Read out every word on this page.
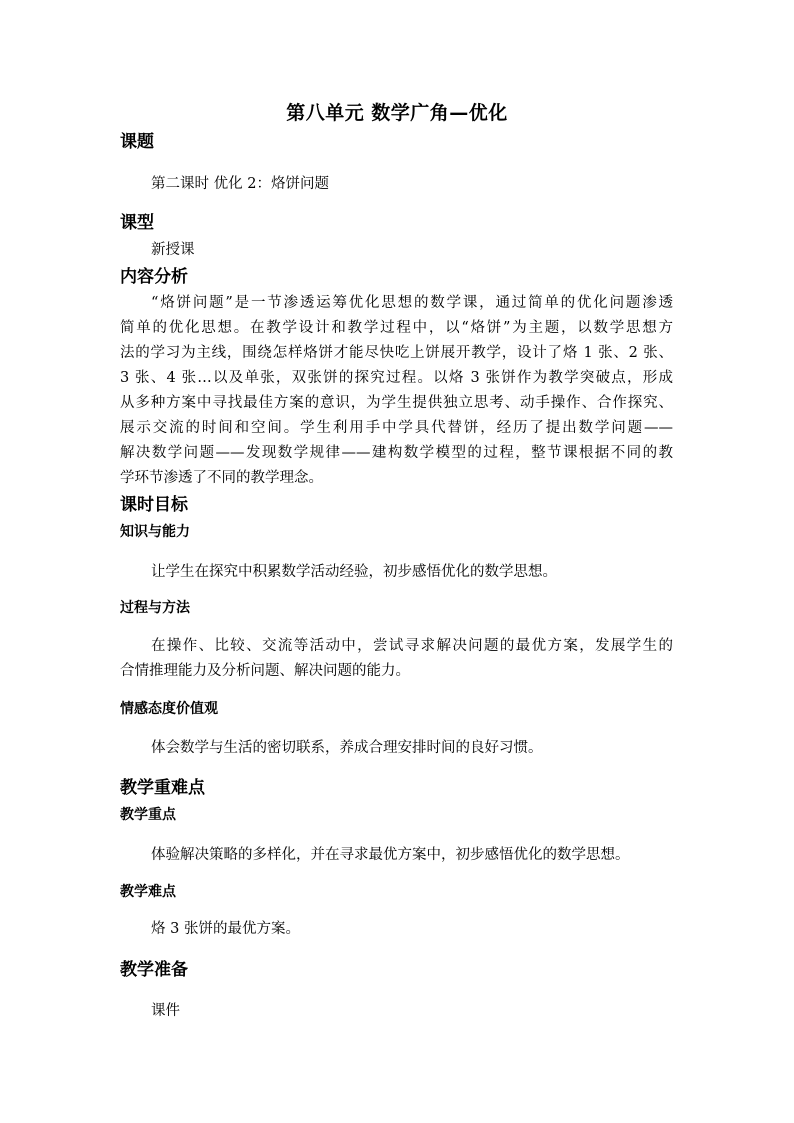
第八单元 数学广角—优化
课题

第二课时 优化 2：烙饼问题

课型

新授课

内容分析

“烙饼问题”是一节渗透运筹优化思想的数学课，通过简单的优化问题渗透

简单的优化思想。在教学设计和教学过程中，以“烙饼”为主题，以数学思想方

法的学习为主线，围绕怎样烙饼才能尽快吃上饼展开教学，设计了烙 1 张、2 张、

3 张、4 张…以及单张，双张饼的探究过程。以烙 3 张饼作为教学突破点，形成

从多种方案中寻找最佳方案的意识，为学生提供独立思考、动手操作、合作探究、

展示交流的时间和空间。学生利用手中学具代替饼，经历了提出数学问题——

解决数学问题——发现数学规律——建构数学模型的过程，整节课根据不同的教

学环节渗透了不同的教学理念。

课时目标
知识与能力

让学生在探究中积累数学活动经验，初步感悟优化的数学思想。

过程与方法

在操作、比较、交流等活动中，尝试寻求解决问题的最优方案，发展学生的

合情推理能力及分析问题、解决问题的能力。

情感态度价值观

体会数学与生活的密切联系，养成合理安排时间的良好习惯。

教学重难点
教学重点

体验解决策略的多样化，并在寻求最优方案中，初步感悟优化的数学思想。

教学难点

烙 3 张饼的最优方案。

教学准备

课件
